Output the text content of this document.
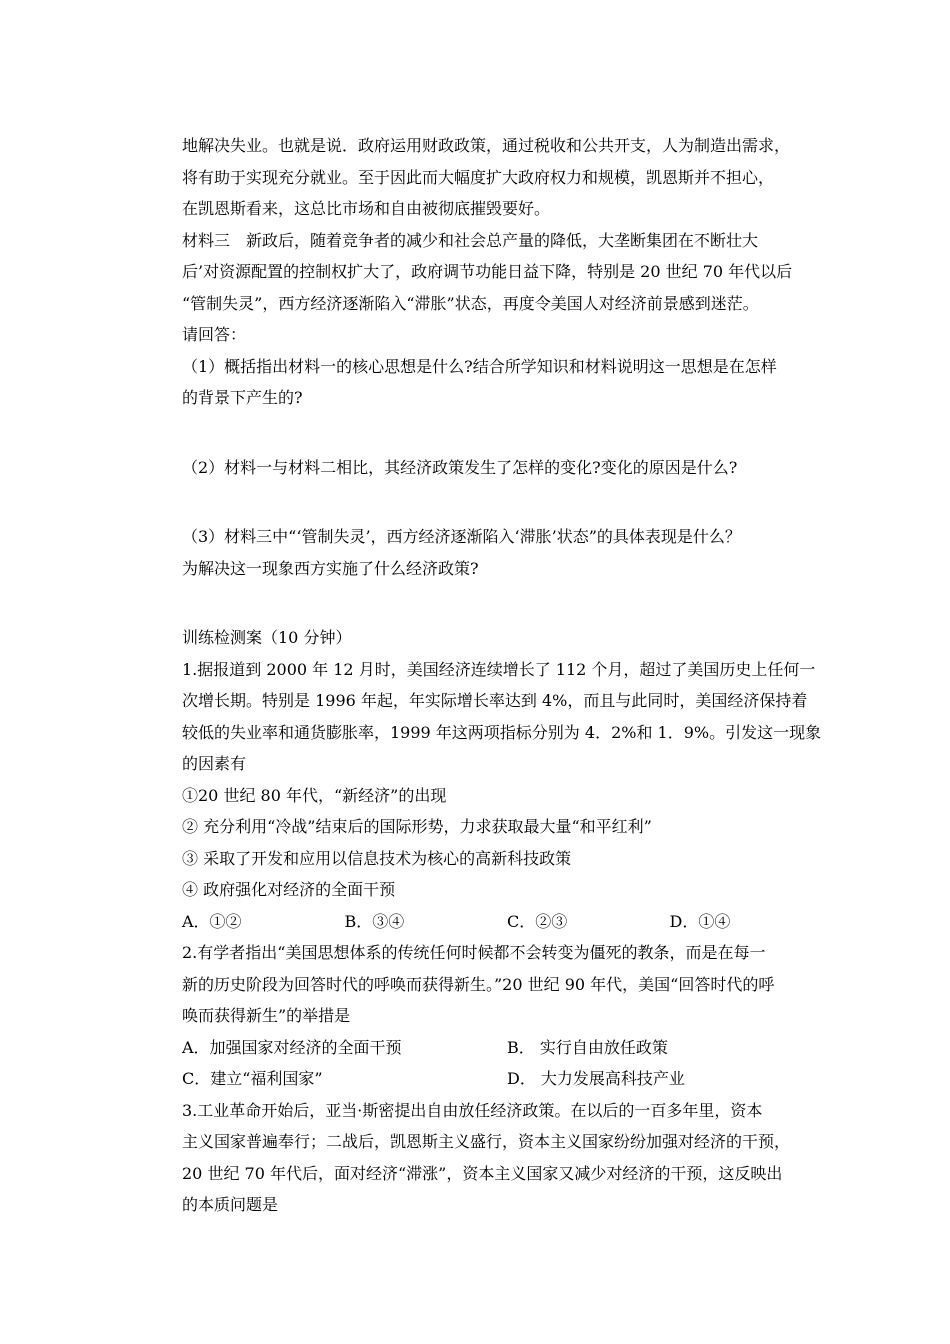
地解决失业。也就是说．政府运用财政政策，通过税收和公共开支，人为制造出需求，
将有助于实现充分就业。至于因此而大幅度扩大政府权力和规模，凯恩斯并不担心，
在凯恩斯看来，这总比市场和自由被彻底摧毁要好。
材料三　新政后，随着竞争者的减少和社会总产量的降低，大垄断集团在不断壮大
后’对资源配置的控制权扩大了，政府调节功能日益下降，特别是 20 世纪 70 年代以后
“管制失灵”，西方经济逐渐陷入“滞胀”状态，再度令美国人对经济前景感到迷茫。
请回答：
（1）概括指出材料一的核心思想是什么?结合所学知识和材料说明这一思想是在怎样
的背景下产生的?
（2）材料一与材料二相比，其经济政策发生了怎样的变化?变化的原因是什么?
（3）材料三中“‘管制失灵’，西方经济逐渐陷入‘滞胀’状态”的具体表现是什么？
为解决这一现象西方实施了什么经济政策?
训练检测案（10 分钟）
1.据报道到 2000 年 12 月时，美国经济连续增长了 112 个月，超过了美国历史上任何一
次增长期。特别是 1996 年起，年实际增长率达到 4%，而且与此同时，美国经济保持着
较低的失业率和通货膨胀率，1999 年这两项指标分别为 4．2%和 1．9%。引发这一现象
的因素有
①20 世纪 80 年代，“新经济”的出现
② 充分利用“冷战”结束后的国际形势，力求获取最大量“和平红利”
③ 采取了开发和应用以信息技术为核心的高新科技政策
④ 政府强化对经济的全面干预
A．①②	B．③④	C．②③	D．①④
2.有学者指出“美国思想体系的传统任何时候都不会转变为僵死的教条，而是在每一
新的历史阶段为回答时代的呼唤而获得新生。”20 世纪 90 年代，美国“回答时代的呼
唤而获得新生”的举措是
A．加强国家对经济的全面干预	B． 实行自由放任政策
C．建立“福利国家”	D． 大力发展高科技产业
3.工业革命开始后，亚当·斯密提出自由放任经济政策。在以后的一百多年里，资本
主义国家普遍奉行；二战后，凯恩斯主义盛行，资本主义国家纷纷加强对经济的干预，
20 世纪 70 年代后，面对经济“滞涨”，资本主义国家又减少对经济的干预，这反映出
的本质问题是
